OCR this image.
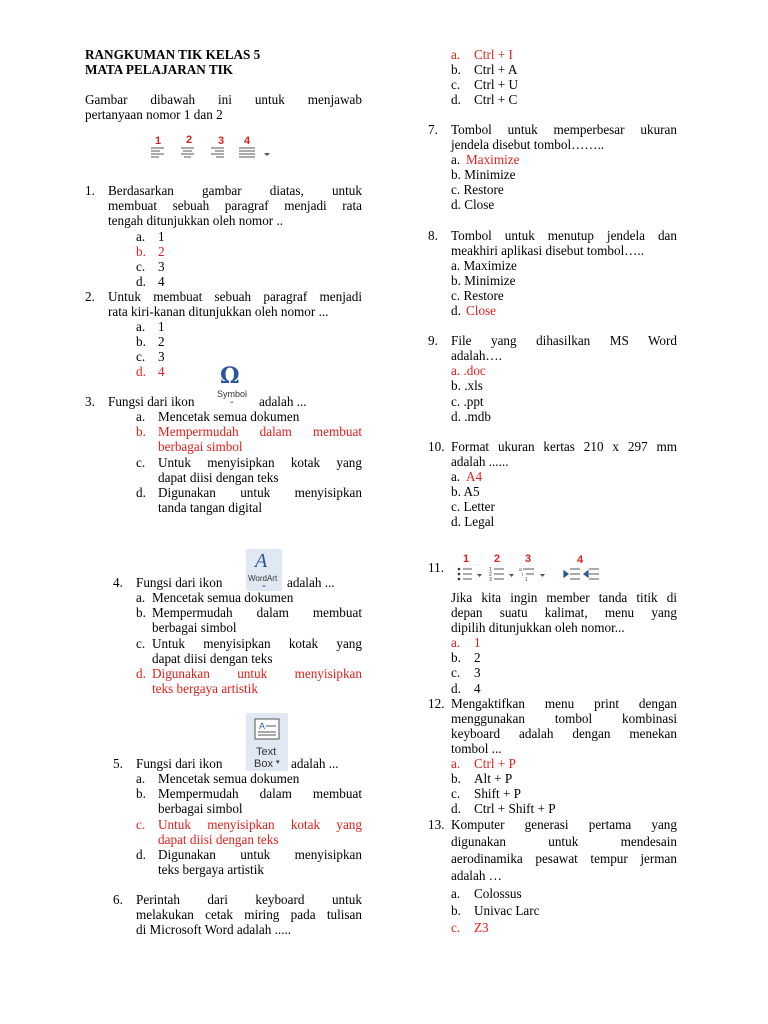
RANGKUMAN TIK KELAS 5
MATA PELAJARAN TIK
Gambar dibawah ini untuk menjawab
pertanyaan nomor 1 dan 2
1 2 3 4
1. Berdasarkan gambar diatas, untuk
membuat sebuah paragraf menjadi rata
tengah ditunjukkan oleh nomor ..
a. 1
b. 2
c. 3
d. 4
2. Untuk membuat sebuah paragraf menjadi
rata kiri-kanan ditunjukkan oleh nomor ...
a. 1
b. 2
c. 3
d. 4
3. Fungsi dari ikon
Ω
Symbol
⌄ adalah ...
a. Mencetak semua dokumen
b. Mempermudah dalam membuat
berbagai simbol
c. Untuk menyisipkan kotak yang
dapat diisi dengan teks
d. Digunakan untuk menyisipkan
tanda tangan digital
A
WordArt
⌄
4. Fungsi dari ikon	adalah ...
a. Mencetak semua dokumen
b. Mempermudah dalam membuat
berbagai simbol
c. Untuk menyisipkan kotak yang
dapat diisi dengan teks
d. Digunakan untuk menyisipkan
teks bergaya artistik
A
Text
Box ▾
5. Fungsi dari ikon	adalah ...
a. Mencetak semua dokumen
b. Mempermudah dalam membuat
berbagai simbol
c. Untuk menyisipkan kotak yang
dapat diisi dengan teks
d. Digunakan untuk menyisipkan
teks bergaya artistik
6. Perintah dari keyboard untuk
melakukan cetak miring pada tulisan
di Microsoft Word adalah .....
a. Ctrl + I
b. Ctrl + A
c. Ctrl + U
d. Ctrl + C
7. Tombol untuk memperbesar ukuran
jendela disebut tombol……..
a. Maximize
b. Minimize
c. Restore
d. Close
8. Tombol untuk menutup jendela dan
meakhiri aplikasi disebut tombol…..
a. Maximize
b. Minimize
c. Restore
d. Close
9. File yang dihasilkan MS Word
adalah….
a. .doc
b. .xls
c. .ppt
d. .mdb
10. Format ukuran kertas 210 x 297 mm
adalah ......
a. A4
b. A5
c. Letter
d. Legal
11.
1 2 3	4
1
2
3
a
i
1
Jika kita ingin member tanda titik di
depan suatu kalimat, menu yang
dipilih ditunjukkan oleh nomor...
a. 1
b. 2
c. 3
d. 4
12. Mengaktifkan menu print dengan
menggunakan tombol kombinasi
keyboard adalah dengan menekan
tombol ...
a. Ctrl + P
b. Alt + P
c. Shift + P
d. Ctrl + Shift + P
13. Komputer generasi pertama yang
digunakan untuk mendesain
aerodinamika pesawat tempur jerman
adalah …
a. Colossus
b. Univac Larc
c. Z3
